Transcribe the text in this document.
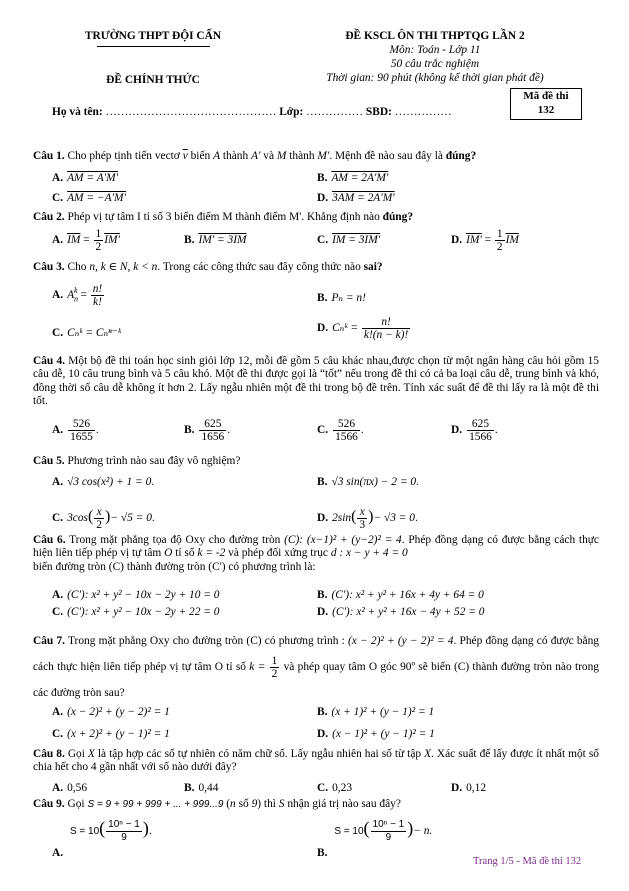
TRƯỜNG THPT ĐỘI CẤN
ĐỀ CHÍNH THỨC
ĐỀ KSCL ÔN THI THPTQG LẦN 2
Môn: Toán - Lớp 11
50 câu trắc nghiệm
Thời gian: 90 phút (không kể thời gian phát đề)
Họ và tên: ……………………………………… Lớp: …………… SBD: ……………
Mã đề thi
132
Câu 1. Cho phép tịnh tiến vectơ $\overline{v}$ biến A thành A' và M thành M'. Mệnh đề nào sau đây là đúng?
A. AM = A'M'	B. AM = 2A'M'
C. AM = −A'M'	D. 3AM = 2A'M'
Câu 2. Phép vị tự tâm I tỉ số 3 biến điểm M thành điểm M'. Khẳng định nào đúng?
A. $\overline{IM} = \frac{1}{2} IM'$	B. IM' = 3IM	C. IM = 3IM'	D. $IM' = \frac{1}{2} \overline{IM}$
Câu 3. Cho n, k ∈ N, k < n. Trong các công thức sau đây công thức nào sai?
A. $A_n^k = \frac{n!}{k!}$	B. Pₙ = n!
C. Cₙᵏ = Cₙⁿ⁻ᵏ	D. Cₙᵏ = $\frac{n!}{k!(n - k)!}$
Câu 4. Một bộ đề thi toán học sinh giỏi lớp 12, mỗi đề gồm 5 câu khác nhau,được chọn từ một ngân hàng câu hỏi gồm 15 câu dễ, 10 câu trung bình và 5 câu khó. Một đề thi được gọi là “tốt” nếu trong đề thi có cả ba loại câu dễ, trung bình và khó, đồng thời số câu dễ không ít hơn 2. Lấy ngẫu nhiên một đề thi trong bộ đề trên. Tính xác suất để đề thi lấy ra là một đề thi tốt.
A. $\frac{526}{1655}$ .	B. $\frac{625}{1656}$ .	C. $\frac{526}{1566}$ .	D. $\frac{625}{1566}$ .
Câu 5. Phương trình nào sau đây vô nghiệm?
A. √3 cos(x²) + 1 = 0.	B. √3 sin(πx) − 2 = 0.
C. $3\cos( \frac{x}{2}$ )− √5 = 0.	D. $2\sin( \frac{x}{3}$ )− √3 = 0.
Câu 6. Trong mặt phẳng tọa độ Oxy cho đường tròn (C): (x−1)² + (y−2)² = 4. Phép đồng dạng có được bằng cách thực hiện liên tiếp phép vị tự tâm O tỉ số k = -2 và phép đối xứng trục d : x − y + 4 = 0
biến đường tròn (C) thành đường tròn (C') có phương trình là:
A. (C'): x² + y² − 10x − 2y + 10 = 0	B. (C'): x² + y² + 16x + 4y + 64 = 0
C. (C'): x² + y² − 10x − 2y + 22 = 0	D. (C'): x² + y² + 16x − 4y + 52 = 0
Câu 7. Trong mặt phẳng Oxy cho đường tròn (C) có phương trình : (x − 2)² + (y − 2)² = 4. Phép đồng dạng có được bằng cách thực hiện liên tiếp phép vị tự tâm O tỉ số $k = \frac{1}{2}$ và phép quay tâm O góc 90º sẽ biến (C) thành đường tròn nào trong các đường tròn sau?
A. (x − 2)² + (y − 2)² = 1	B. (x + 1)² + (y − 1)² = 1
C. (x + 2)² + (y − 1)² = 1	D. (x − 1)² + (y − 1)² = 1
Câu 8. Gọi X là tập hợp các số tự nhiên có năm chữ số. Lấy ngẫu nhiên hai số từ tập X. Xác suất để lấy được ít nhất một số chia hết cho 4 gần nhất với số nào dưới đây?
A. 0,56	B. 0,44	C. 0,23	D. 0,12
Câu 9. Gọi S = 9 + 99 + 999 + ... + 999...9 (n số 9) thì S nhận giá trị nào sau đây?
A. $S = 10( \frac{\text{10ⁿ − 1}}{9}$ ).
B. $S = 10( \frac{\text{10ⁿ − 1}}{9}$ )− n.
Trang 1/5 - Mã đề thi 132
